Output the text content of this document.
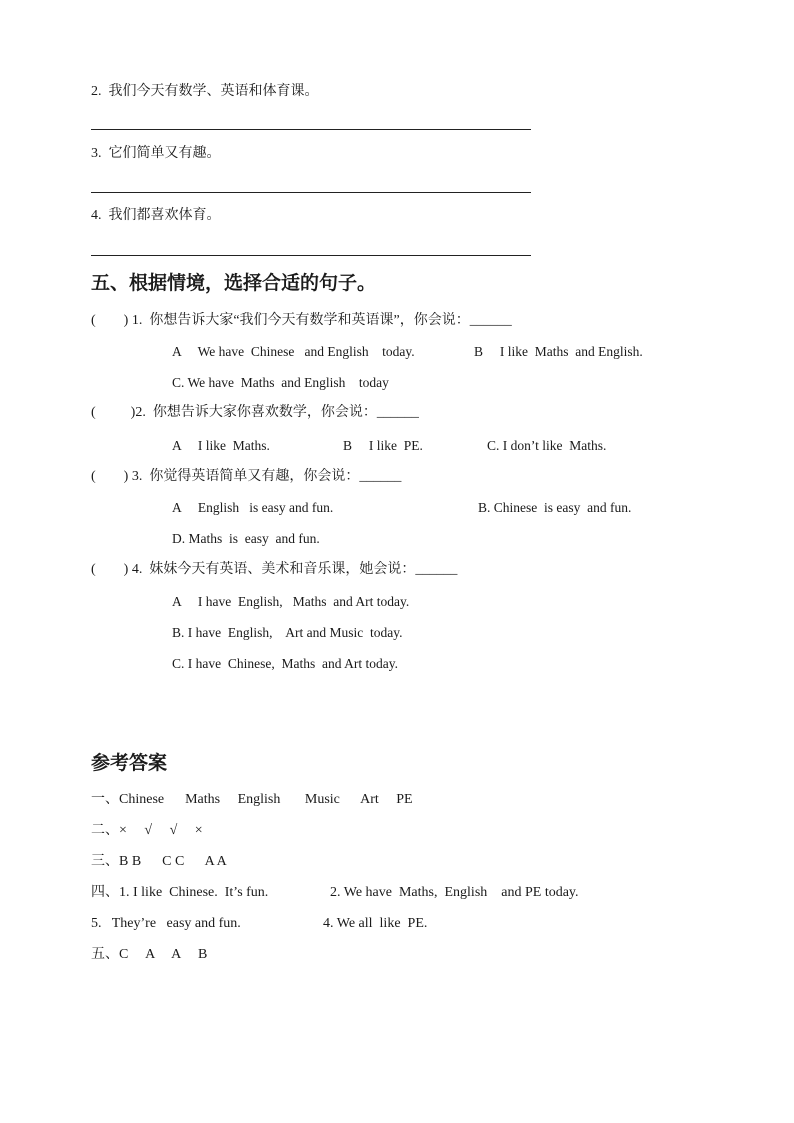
2.  我们今天有数学、英语和体育课。
3.  它们简单又有趣。
4.  我们都喜欢体育。
五、根据情境，选择合适的句子。
(        ) 1.  你想告诉大家“我们今天有数学和英语课”，你会说：______
A     We have  Chinese   and English    today.	B     I like  Maths  and English.
C. We have  Maths  and English    today
(          )2.  你想告诉大家你喜欢数学，你会说：______
A     I like  Maths.	B     I like  PE.	C. I don’t like  Maths.
(        ) 3.  你觉得英语简单又有趣，你会说：______
A     English   is easy and fun.	B. Chinese  is easy  and fun.
D. Maths  is  easy  and fun.
(        ) 4.  妹妹今天有英语、美术和音乐课，她会说：______
A     I have  English,   Maths  and Art today.
B. I have  English,    Art and Music  today.
C. I have  Chinese,  Maths  and Art today.
参考答案
一、Chinese      Maths     English       Music      Art     PE
二、×     √     √     ×
三、B B      C C      A A
四、1. I like  Chinese.  It’s fun.	2. We have  Maths,  English    and PE today.
5.   They’re   easy and fun.	4. We all  like  PE.
五、C     A     A     B
